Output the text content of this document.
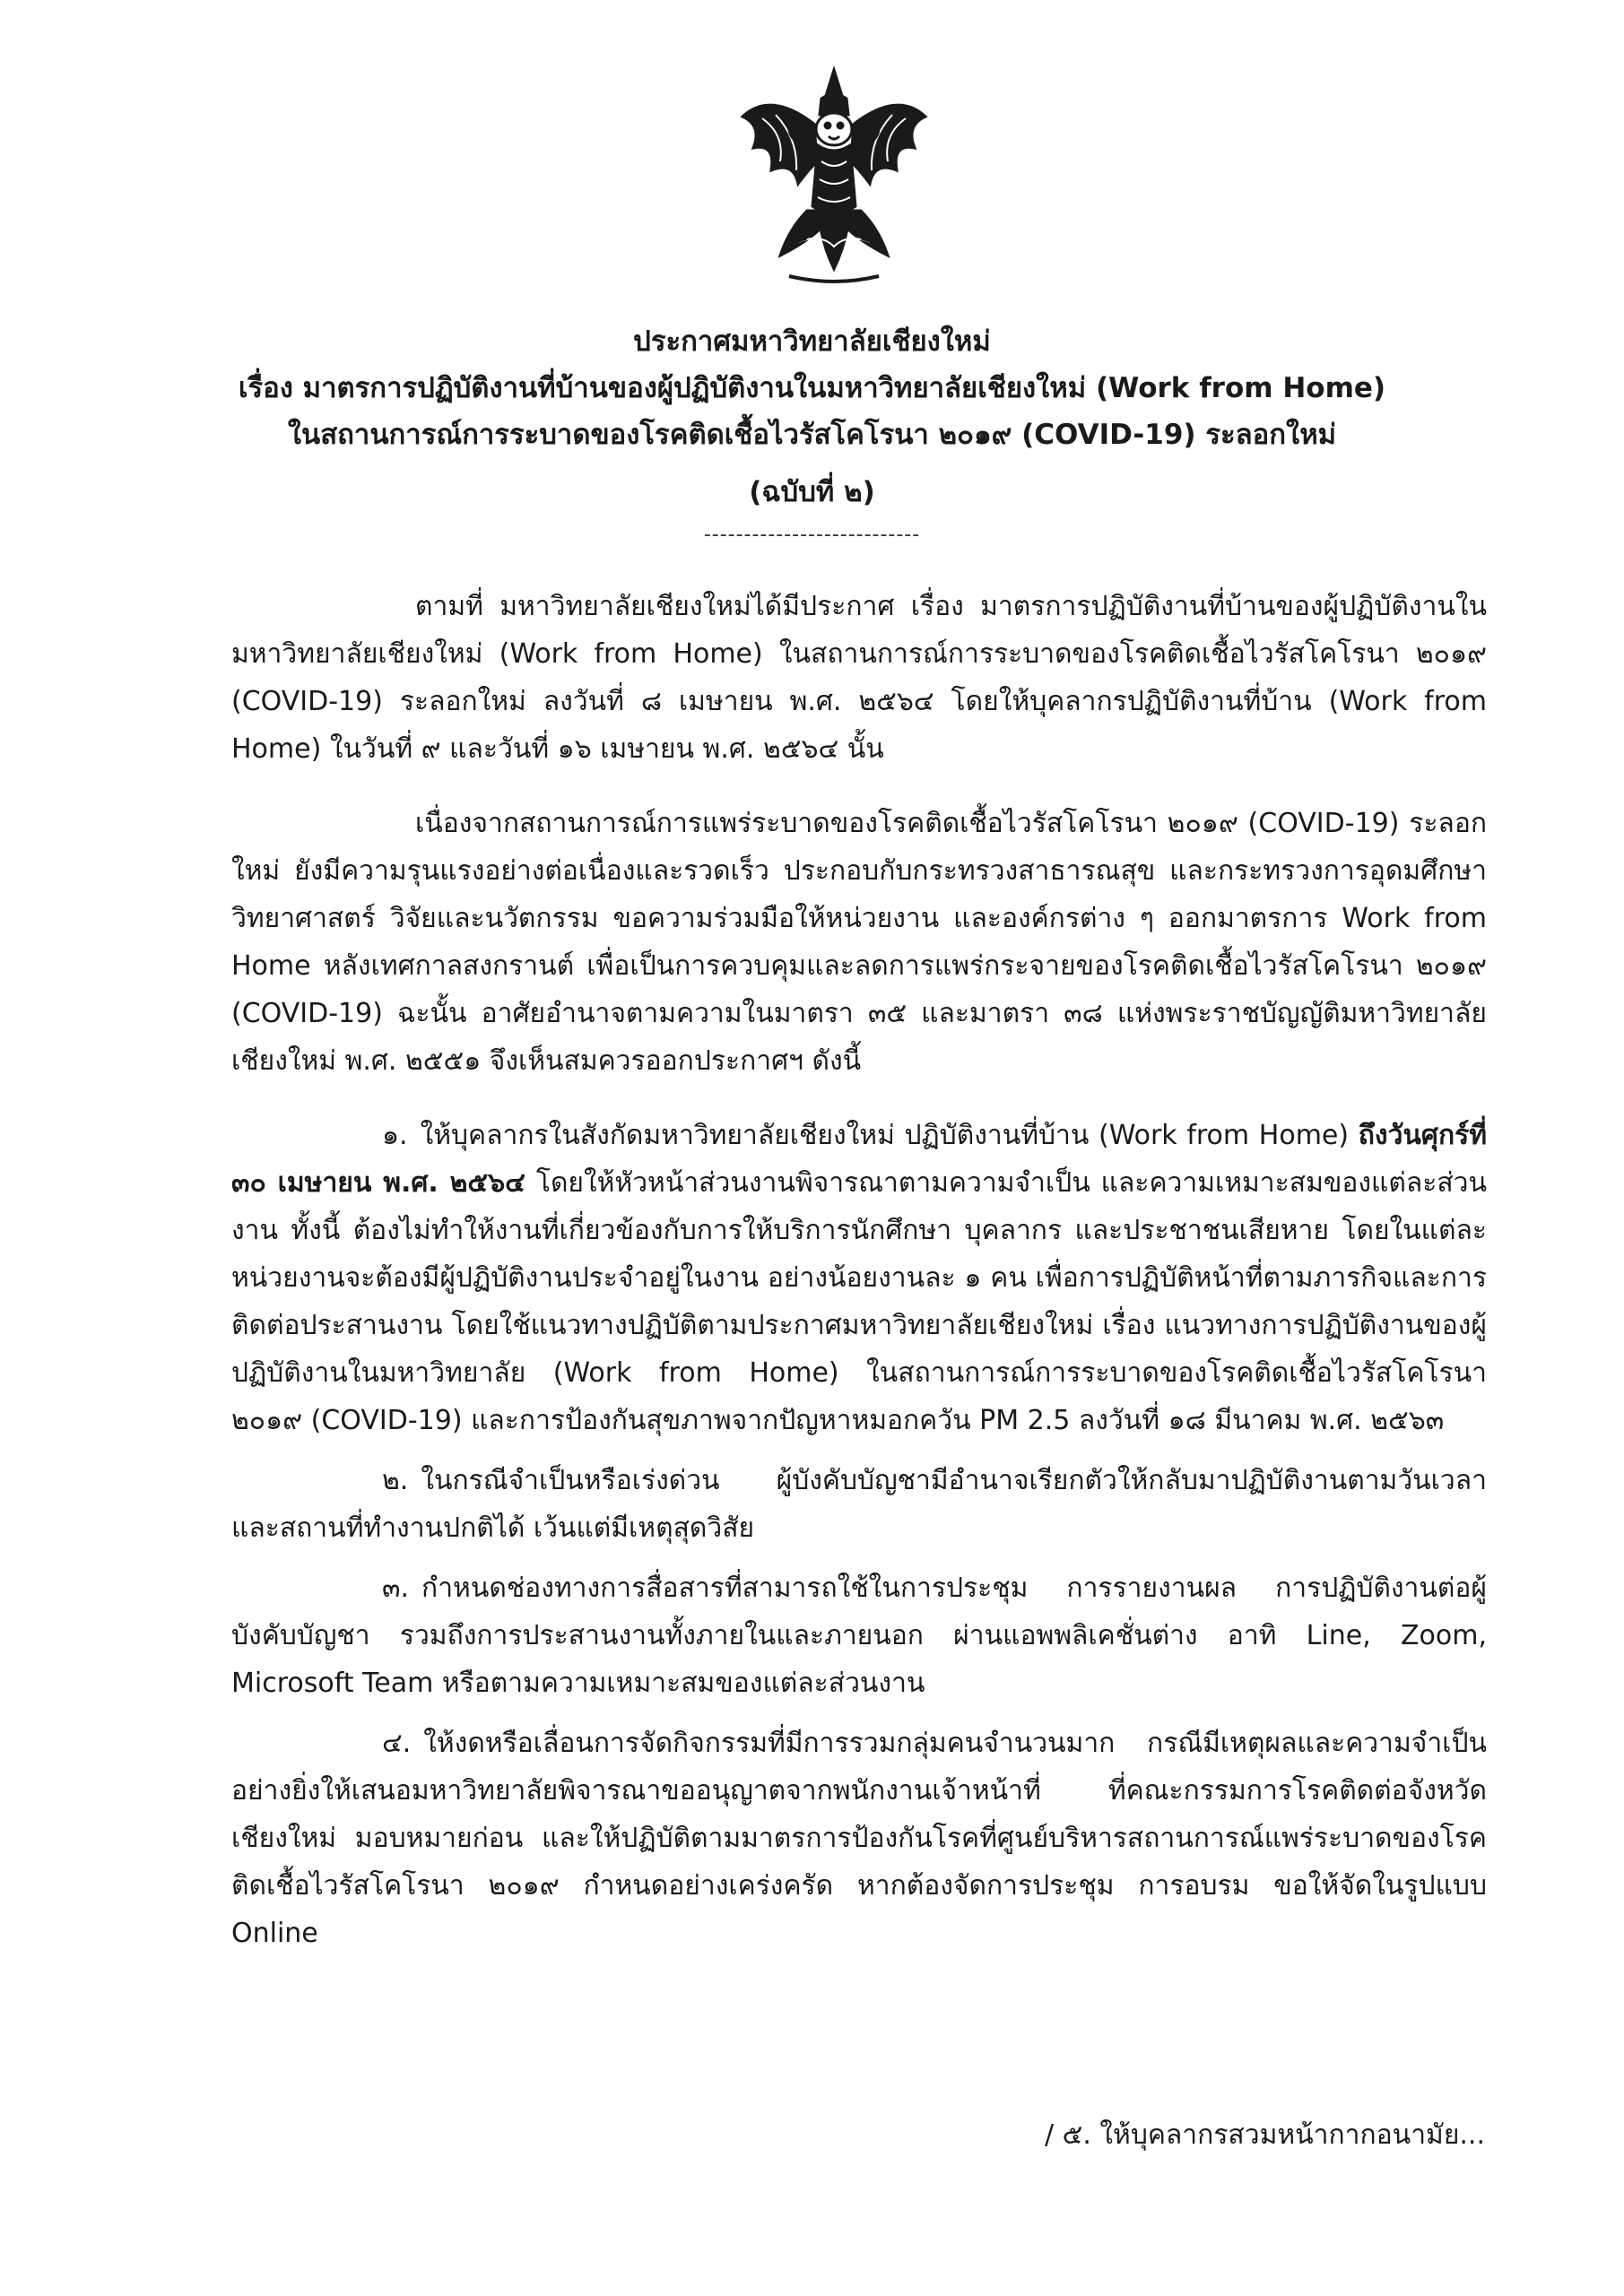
ประกาศมหาวิทยาลัยเชียงใหม่
เรื่อง มาตรการปฏิบัติงานที่บ้านของผู้ปฏิบัติงานในมหาวิทยาลัยเชียงใหม่ (Work from Home)
ในสถานการณ์การระบาดของโรคติดเชื้อไวรัสโคโรนา ๒๐๑๙ (COVID-19) ระลอกใหม่
(ฉบับที่ ๒)
---------------------------

ตามที่ มหาวิทยาลัยเชียงใหม่ได้มีประกาศ เรื่อง มาตรการปฏิบัติงานที่บ้านของผู้ปฏิบัติงานในมหาวิทยาลัยเชียงใหม่ (Work from Home) ในสถานการณ์การระบาดของโรคติดเชื้อไวรัสโคโรนา ๒๐๑๙ (COVID-19) ระลอกใหม่ ลงวันที่ ๘ เมษายน พ.ศ. ๒๕๖๔ โดยให้บุคลากรปฏิบัติงานที่บ้าน (Work from Home) ในวันที่ ๙ และวันที่ ๑๖ เมษายน พ.ศ. ๒๕๖๔ นั้น

เนื่องจากสถานการณ์การแพร่ระบาดของโรคติดเชื้อไวรัสโคโรนา ๒๐๑๙ (COVID-19) ระลอกใหม่ ยังมีความรุนแรงอย่างต่อเนื่องและรวดเร็ว ประกอบกับกระทรวงสาธารณสุข และกระทรวงการอุดมศึกษา วิทยาศาสตร์ วิจัยและนวัตกรรม ขอความร่วมมือให้หน่วยงาน และองค์กรต่าง ๆ ออกมาตรการ Work from Home หลังเทศกาลสงกรานต์ เพื่อเป็นการควบคุมและลดการแพร่กระจายของโรคติดเชื้อไวรัสโคโรนา ๒๐๑๙ (COVID-19) ฉะนั้น อาศัยอำนาจตามความในมาตรา ๓๕ และมาตรา ๓๘ แห่งพระราชบัญญัติมหาวิทยาลัยเชียงใหม่ พ.ศ. ๒๕๕๑ จึงเห็นสมควรออกประกาศฯ ดังนี้

๑. ให้บุคลากรในสังกัดมหาวิทยาลัยเชียงใหม่ ปฏิบัติงานที่บ้าน (Work from Home) ถึงวันศุกร์ที่ ๓๐ เมษายน พ.ศ. ๒๕๖๔ โดยให้หัวหน้าส่วนงานพิจารณาตามความจำเป็น และความเหมาะสมของแต่ละส่วนงาน ทั้งนี้ ต้องไม่ทำให้งานที่เกี่ยวข้องกับการให้บริการนักศึกษา บุคลากร และประชาชนเสียหาย โดยในแต่ละหน่วยงานจะต้องมีผู้ปฏิบัติงานประจำอยู่ในงาน อย่างน้อยงานละ ๑ คน เพื่อการปฏิบัติหน้าที่ตามภารกิจและการติดต่อประสานงาน โดยใช้แนวทางปฏิบัติตามประกาศมหาวิทยาลัยเชียงใหม่ เรื่อง แนวทางการปฏิบัติงานของผู้ปฏิบัติงานในมหาวิทยาลัย (Work from Home) ในสถานการณ์การระบาดของโรคติดเชื้อไวรัสโคโรนา ๒๐๑๙ (COVID-19) และการป้องกันสุขภาพจากปัญหาหมอกควัน PM 2.5 ลงวันที่ ๑๘ มีนาคม พ.ศ. ๒๕๖๓

๒. ในกรณีจำเป็นหรือเร่งด่วน ผู้บังคับบัญชามีอำนาจเรียกตัวให้กลับมาปฏิบัติงานตามวันเวลา และสถานที่ทำงานปกติได้ เว้นแต่มีเหตุสุดวิสัย

๓. กำหนดช่องทางการสื่อสารที่สามารถใช้ในการประชุม การรายงานผล การปฏิบัติงานต่อผู้บังคับบัญชา รวมถึงการประสานงานทั้งภายในและภายนอก ผ่านแอพพลิเคชั่นต่าง อาทิ Line, Zoom, Microsoft Team หรือตามความเหมาะสมของแต่ละส่วนงาน

๔. ให้งดหรือเลื่อนการจัดกิจกรรมที่มีการรวมกลุ่มคนจำนวนมาก กรณีมีเหตุผลและความจำเป็นอย่างยิ่งให้เสนอมหาวิทยาลัยพิจารณาขออนุญาตจากพนักงานเจ้าหน้าที่ ที่คณะกรรมการโรคติดต่อจังหวัดเชียงใหม่ มอบหมายก่อน และให้ปฏิบัติตามมาตรการป้องกันโรคที่ศูนย์บริหารสถานการณ์แพร่ระบาดของโรคติดเชื้อไวรัสโคโรนา ๒๐๑๙ กำหนดอย่างเคร่งครัด หากต้องจัดการประชุม การอบรม ขอให้จัดในรูปแบบ Online

/ ๕. ให้บุคลากรสวมหน้ากากอนามัย...
